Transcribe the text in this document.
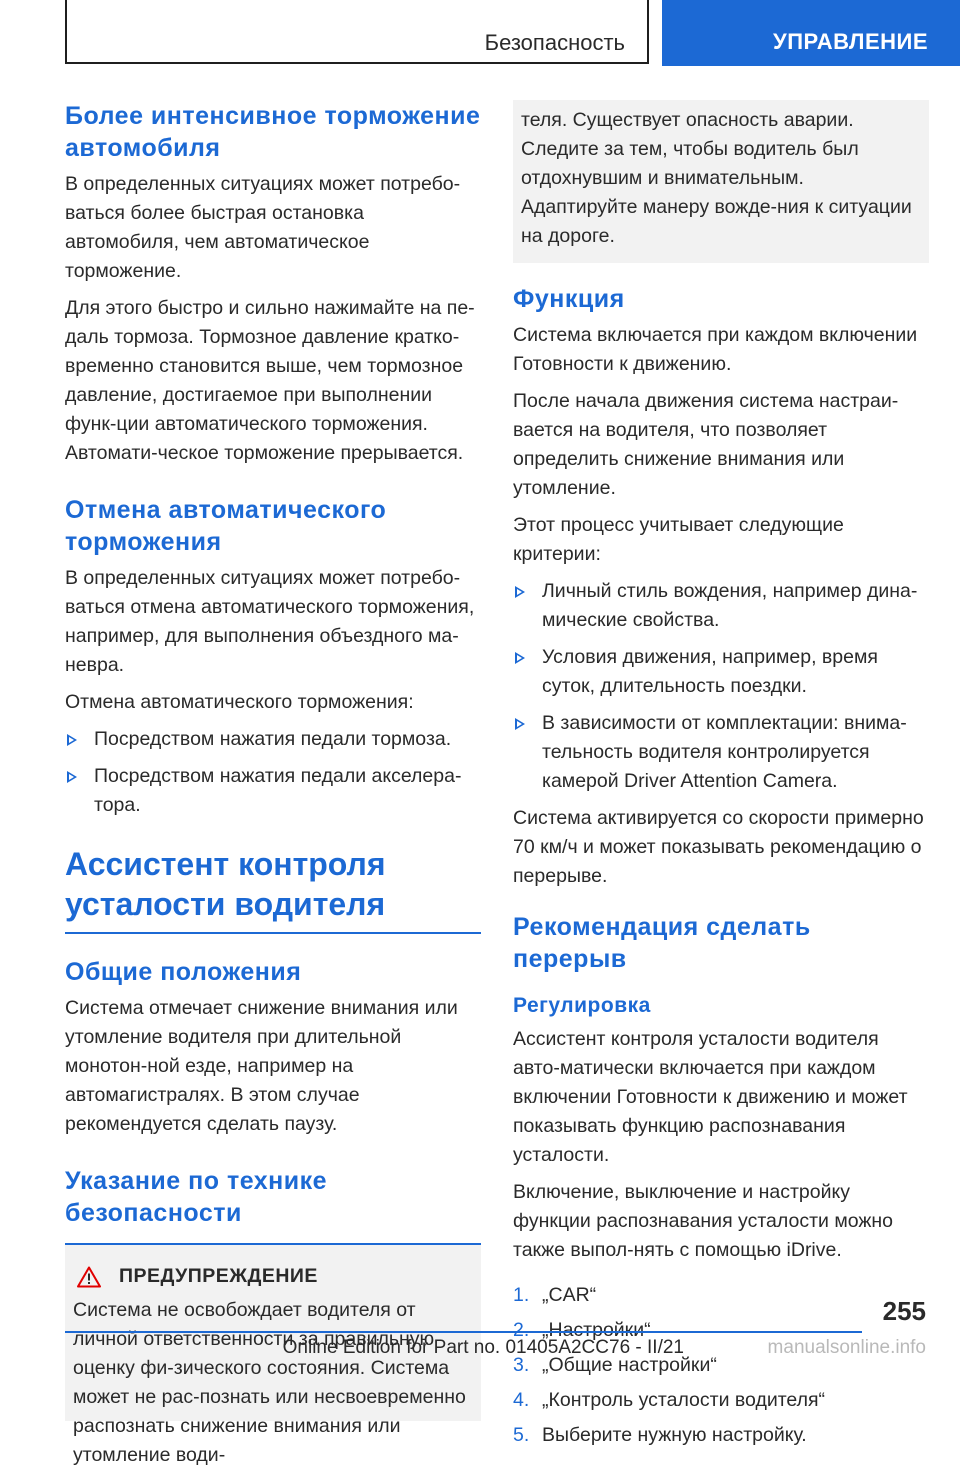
Безопасность	УПРАВЛЕНИЕ
Более интенсивное торможение автомобиля

В определенных ситуациях может потребо-ваться более быстрая остановка автомобиля, чем автоматическое торможение.

Для этого быстро и сильно нажимайте на пе-даль тормоза. Тормозное давление кратко-временно становится выше, чем тормозное давление, достигаемое при выполнении функ-ции автоматического торможения. Автомати-ческое торможение прерывается.

Отмена автоматического торможения

В определенных ситуациях может потребо-ваться отмена автоматического торможения, например, для выполнения объездного ма-невра.

Отмена автоматического торможения:

Посредством нажатия педали тормоза.
Посредством нажатия педали акселера-тора.
Ассистент контроля усталости водителя
Общие положения

Система отмечает снижение внимания или утомление водителя при длительной монотон-ной езде, например на автомагистралях. В этом случае рекомендуется сделать паузу.

Указание по технике безопасности
ПРЕДУПРЕЖДЕНИЕ

Система не освобождает водителя от личной ответственности за правильную оценку фи-зического состояния. Система может не рас-познать или несвоевременно распознать снижение внимания или утомление води-

теля. Существует опасность аварии. Следите за тем, чтобы водитель был отдохнувшим и внимательным. Адаптируйте манеру вожде-ния к ситуации на дороге.

Функция

Система включается при каждом включении Готовности к движению.

После начала движения система настраи-вается на водителя, что позволяет определить снижение внимания или утомление.

Этот процесс учитывает следующие критерии:

Личный стиль вождения, например дина-мические свойства.
Условия движения, например, время суток, длительность поездки.
В зависимости от комплектации: внима-тельность водителя контролируется камерой Driver Attention Camera.

Система активируется со скорости примерно 70 км/ч и может показывать рекомендацию о перерыве.

Рекомендация сделать перерыв
Регулировка

Ассистент контроля усталости водителя авто-матически включается при каждом включении Готовности к движению и может показывать функцию распознавания усталости.

Включение, выключение и настройку функции распознавания усталости можно также выпол-нять с помощью iDrive.

1. „CAR“
2. „Настройки“
3. „Общие настройки“
4. „Контроль усталости водителя“
5. Выберите нужную настройку.
255
Online Edition for Part no. 01405A2CC76 - II/21	manualsonline.info
